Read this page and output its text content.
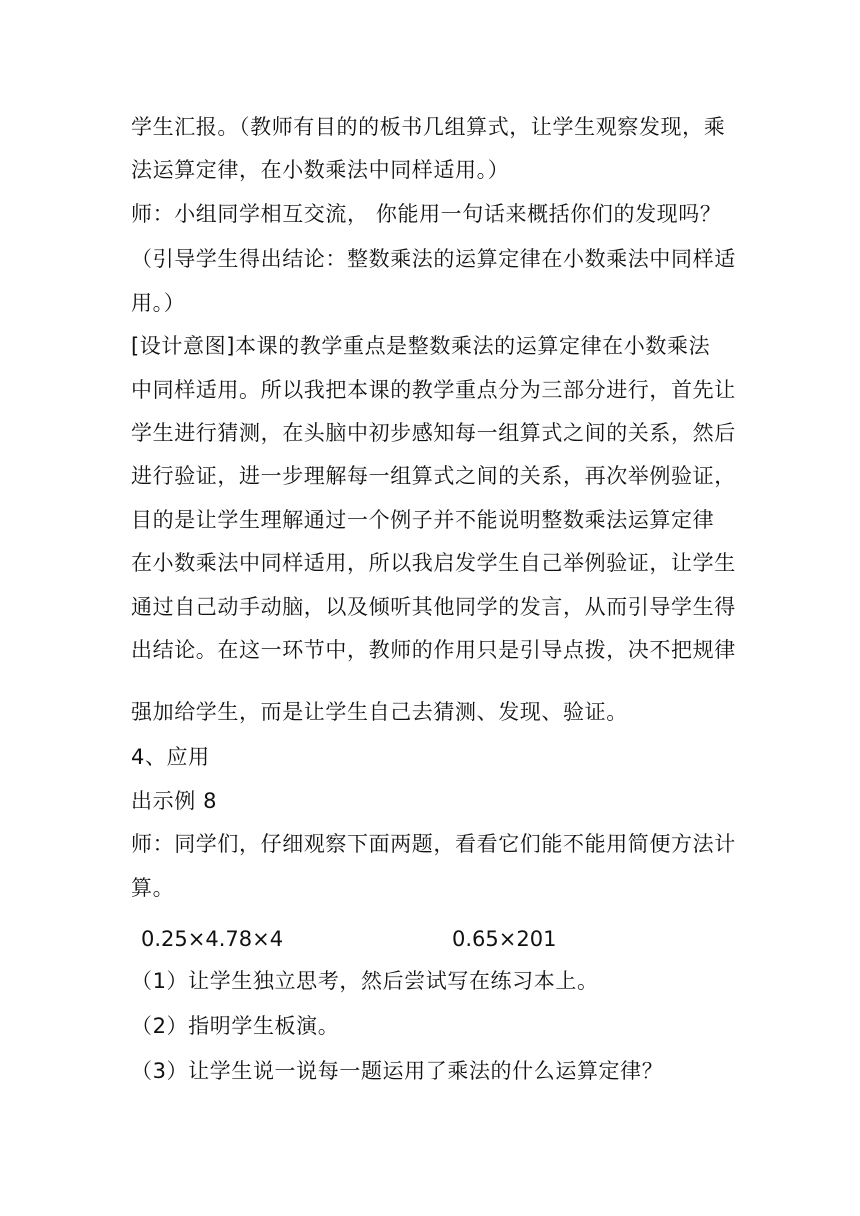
学生汇报。（教师有目的的板书几组算式，让学生观察发现，乘
法运算定律，在小数乘法中同样适用。）
师：小组同学相互交流， 你能用一句话来概括你们的发现吗？
（引导学生得出结论：整数乘法的运算定律在小数乘法中同样适
用。）
[设计意图]本课的教学重点是整数乘法的运算定律在小数乘法
中同样适用。所以我把本课的教学重点分为三部分进行，首先让
学生进行猜测，在头脑中初步感知每一组算式之间的关系，然后
进行验证，进一步理解每一组算式之间的关系，再次举例验证，
目的是让学生理解通过一个例子并不能说明整数乘法运算定律
在小数乘法中同样适用，所以我启发学生自己举例验证，让学生
通过自己动手动脑，以及倾听其他同学的发言，从而引导学生得
出结论。在这一环节中，教师的作用只是引导点拨，决不把规律
强加给学生，而是让学生自己去猜测、发现、验证。
4、应用
出示例 8
师：同学们，仔细观察下面两题，看看它们能不能用简便方法计
算。
0.25×4.78×4	0.65×201
（1）让学生独立思考，然后尝试写在练习本上。
（2）指明学生板演。
（3）让学生说一说每一题运用了乘法的什么运算定律？
